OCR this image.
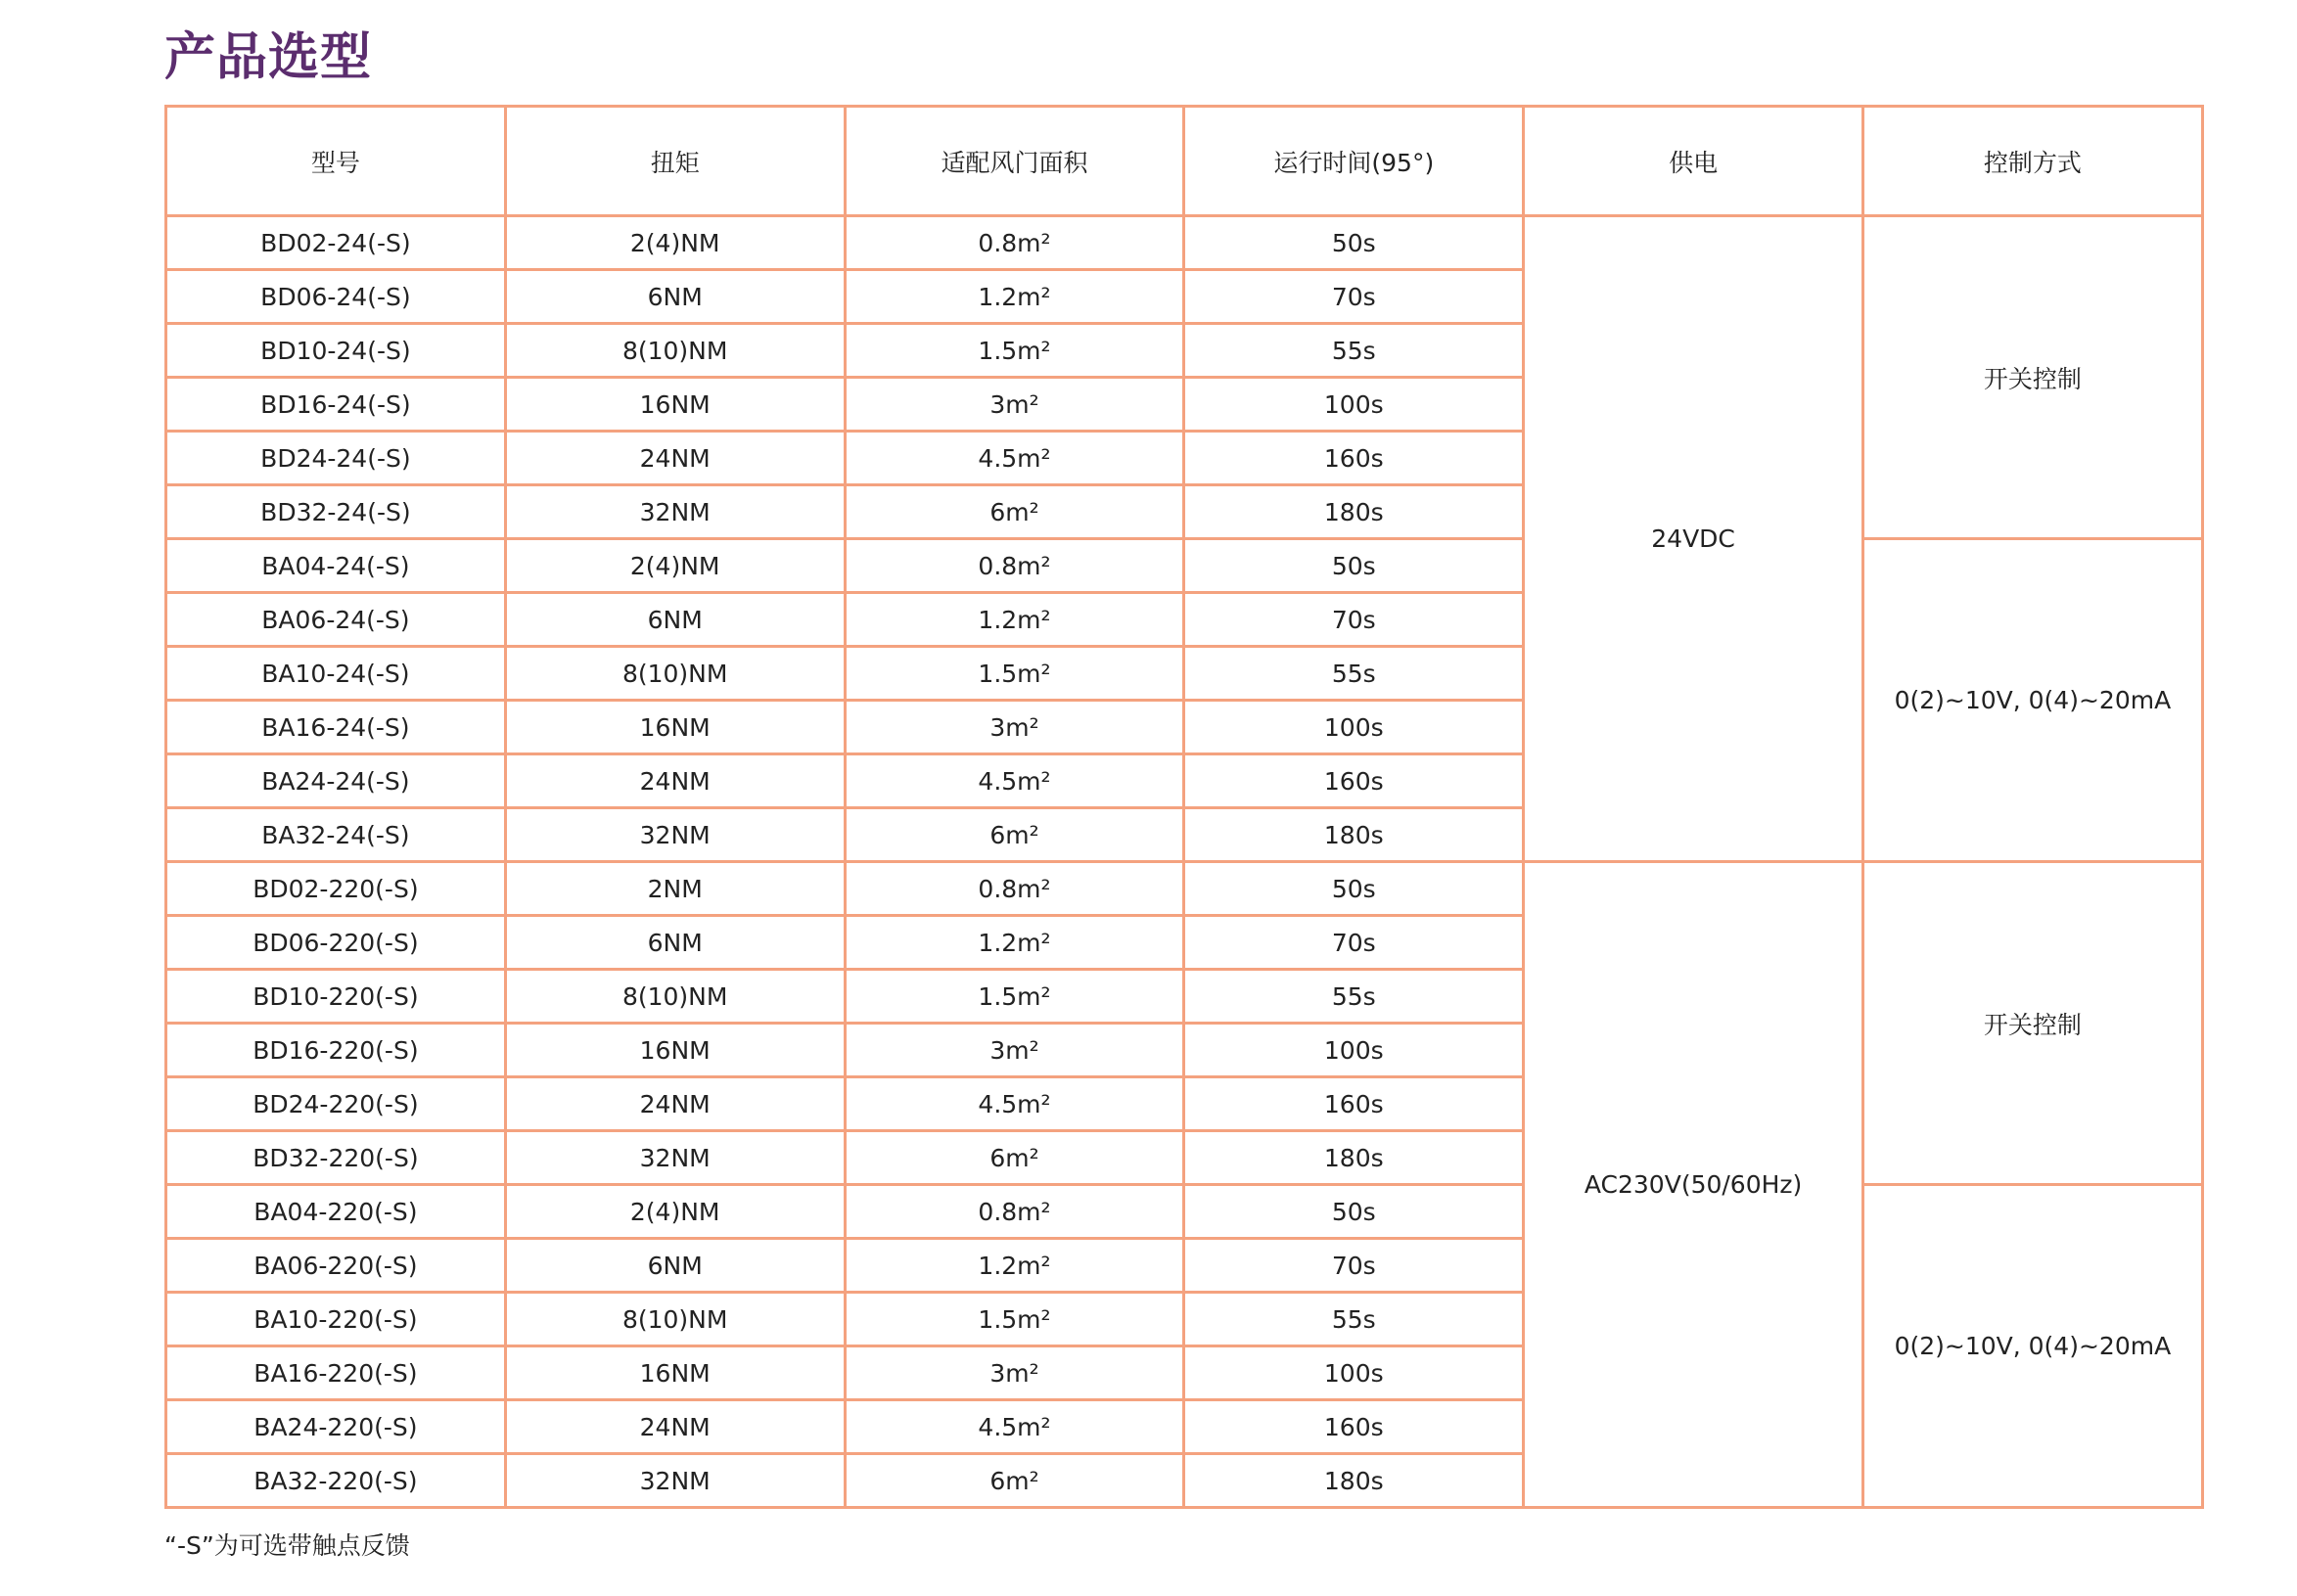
产品选型
型号	扭矩	适配风门面积	运行时间(95°)	供电	控制方式
BD02-24(-S)	2(4)NM	0.8m²	50s	24VDC	开关控制
BD06-24(-S)	6NM	1.2m²	70s		
BD10-24(-S)	8(10)NM	1.5m²	55s		
BD16-24(-S)	16NM	3m²	100s		
BD24-24(-S)	24NM	4.5m²	160s		
BD32-24(-S)	32NM	6m²	180s		
BA04-24(-S)	2(4)NM	0.8m²	50s		0(2)~10V, 0(4)~20mA
BA06-24(-S)	6NM	1.2m²	70s		
BA10-24(-S)	8(10)NM	1.5m²	55s		
BA16-24(-S)	16NM	3m²	100s		
BA24-24(-S)	24NM	4.5m²	160s		
BA32-24(-S)	32NM	6m²	180s		
BD02-220(-S)	2NM	0.8m²	50s	AC230V(50/60Hz)	开关控制
BD06-220(-S)	6NM	1.2m²	70s		
BD10-220(-S)	8(10)NM	1.5m²	55s		
BD16-220(-S)	16NM	3m²	100s		
BD24-220(-S)	24NM	4.5m²	160s		
BD32-220(-S)	32NM	6m²	180s		
BA04-220(-S)	2(4)NM	0.8m²	50s		0(2)~10V, 0(4)~20mA
BA06-220(-S)	6NM	1.2m²	70s		
BA10-220(-S)	8(10)NM	1.5m²	55s		
BA16-220(-S)	16NM	3m²	100s		
BA24-220(-S)	24NM	4.5m²	160s		
BA32-220(-S)	32NM	6m²	180s		
“-S”为可选带触点反馈
